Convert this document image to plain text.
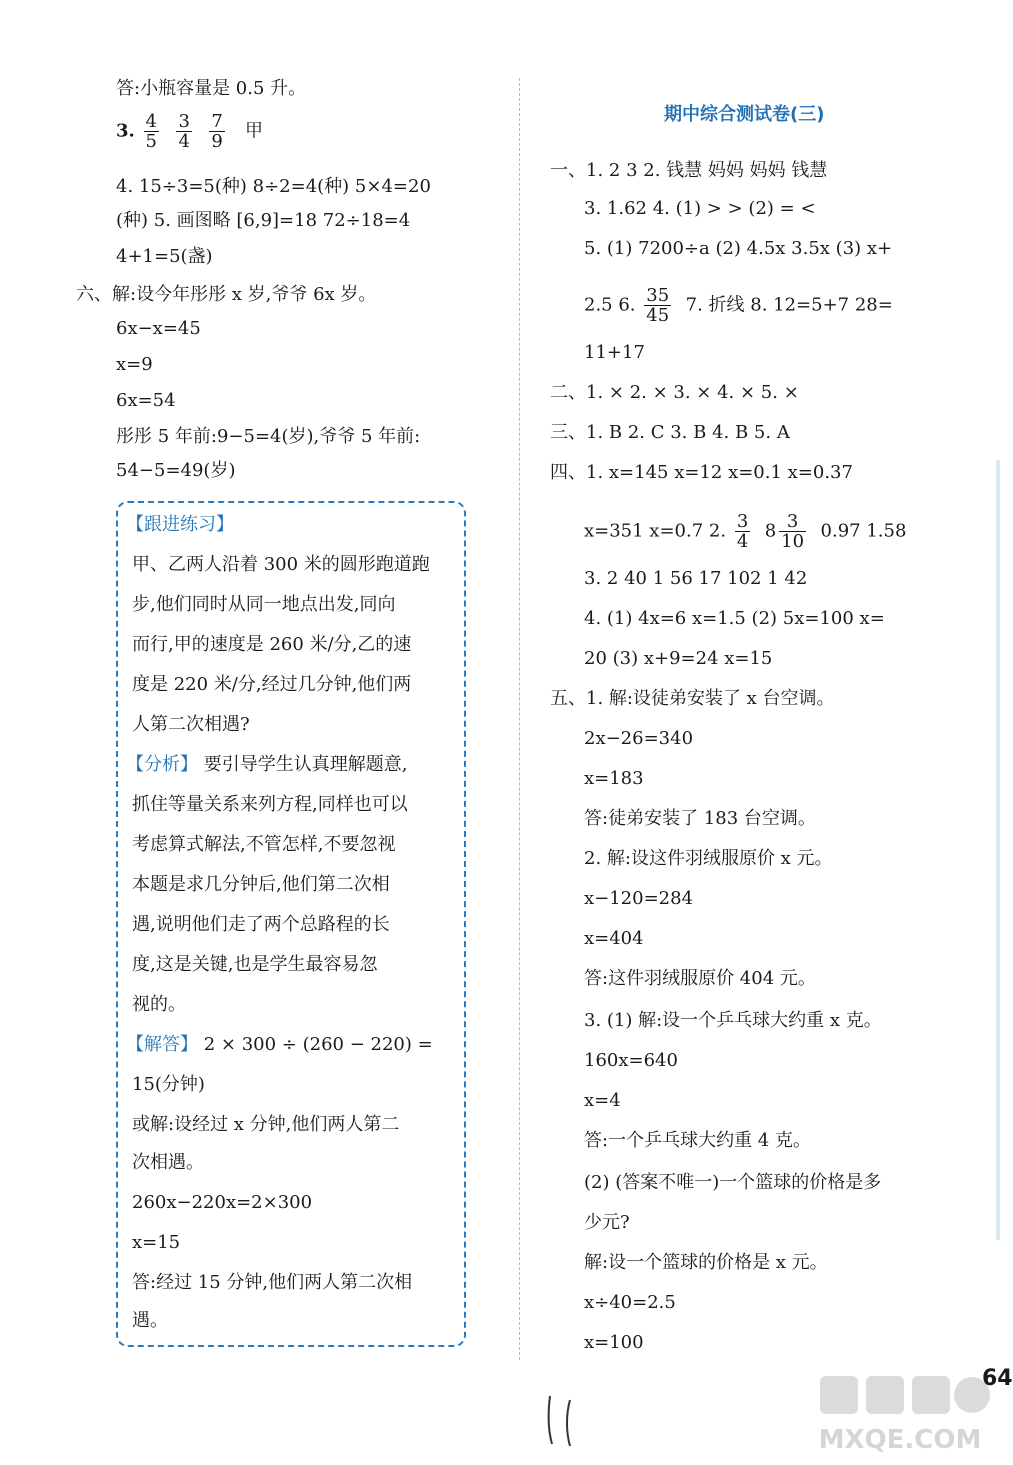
答:小瓶容量是 0.5 升。
3. $\frac{4}{5}$
$\frac{3}{4}$
$\frac{7}{9}$ 甲
4. 15÷3=5(种) 8÷2=4(种) 5×4=20
(种) 5. 画图略 [6,9]=18 72÷18=4
4+1=5(盏)
六、解:设今年彤彤 x 岁,爷爷 6x 岁。
6x−x=45
x=9
6x=54
彤彤 5 年前:9−5=4(岁),爷爷 5 年前:
54−5=49(岁)
【跟进练习】
甲、乙两人沿着 300 米的圆形跑道跑
步,他们同时从同一地点出发,同向
而行,甲的速度是 260 米/分,乙的速
度是 220 米/分,经过几分钟,他们两
人第二次相遇?
【分析】 要引导学生认真理解题意,
抓住等量关系来列方程,同样也可以
考虑算式解法,不管怎样,不要忽视
本题是求几分钟后,他们第二次相
遇,说明他们走了两个总路程的长
度,这是关键,也是学生最容易忽
视的。
【解答】 2 × 300 ÷ (260 − 220) =
15(分钟)
或解:设经过 x 分钟,他们两人第二
次相遇。
260x−220x=2×300
x=15
答:经过 15 分钟,他们两人第二次相
遇。
期中综合测试卷(三)
一、1. 2 3 2. 钱慧 妈妈 妈妈 钱慧
3. 1.62 4. (1) > > (2) = <
5. (1) 7200÷a (2) 4.5x 3.5x (3) x+
2.5 6. $\frac{35}{45} 7$. 折线 8. 12=5+7 28=
11+17
二、1. × 2. × 3. × 4. × 5. ×
三、1. B 2. C 3. B 4. B 5. A
四、1. x=145 x=12 x=0.1 x=0.37
x=351 x=0.7 2. $\frac{3}{4} 8 \frac{3}{10} 0.97$ 1.58
3. 2 40 1 56 17 102 1 42
4. (1) 4x=6 x=1.5 (2) 5x=100 x=
20 (3) x+9=24 x=15
五、1. 解:设徒弟安装了 x 台空调。
2x−26=340
x=183
答:徒弟安装了 183 台空调。
2. 解:设这件羽绒服原价 x 元。
x−120=284
x=404
答:这件羽绒服原价 404 元。
3. (1) 解:设一个乒乓球大约重 x 克。
160x=640
x=4
答:一个乒乓球大约重 4 克。
(2) (答案不唯一)一个篮球的价格是多
少元?
解:设一个篮球的价格是 x 元。
x÷40=2.5
x=100
64
MXQE.COM
